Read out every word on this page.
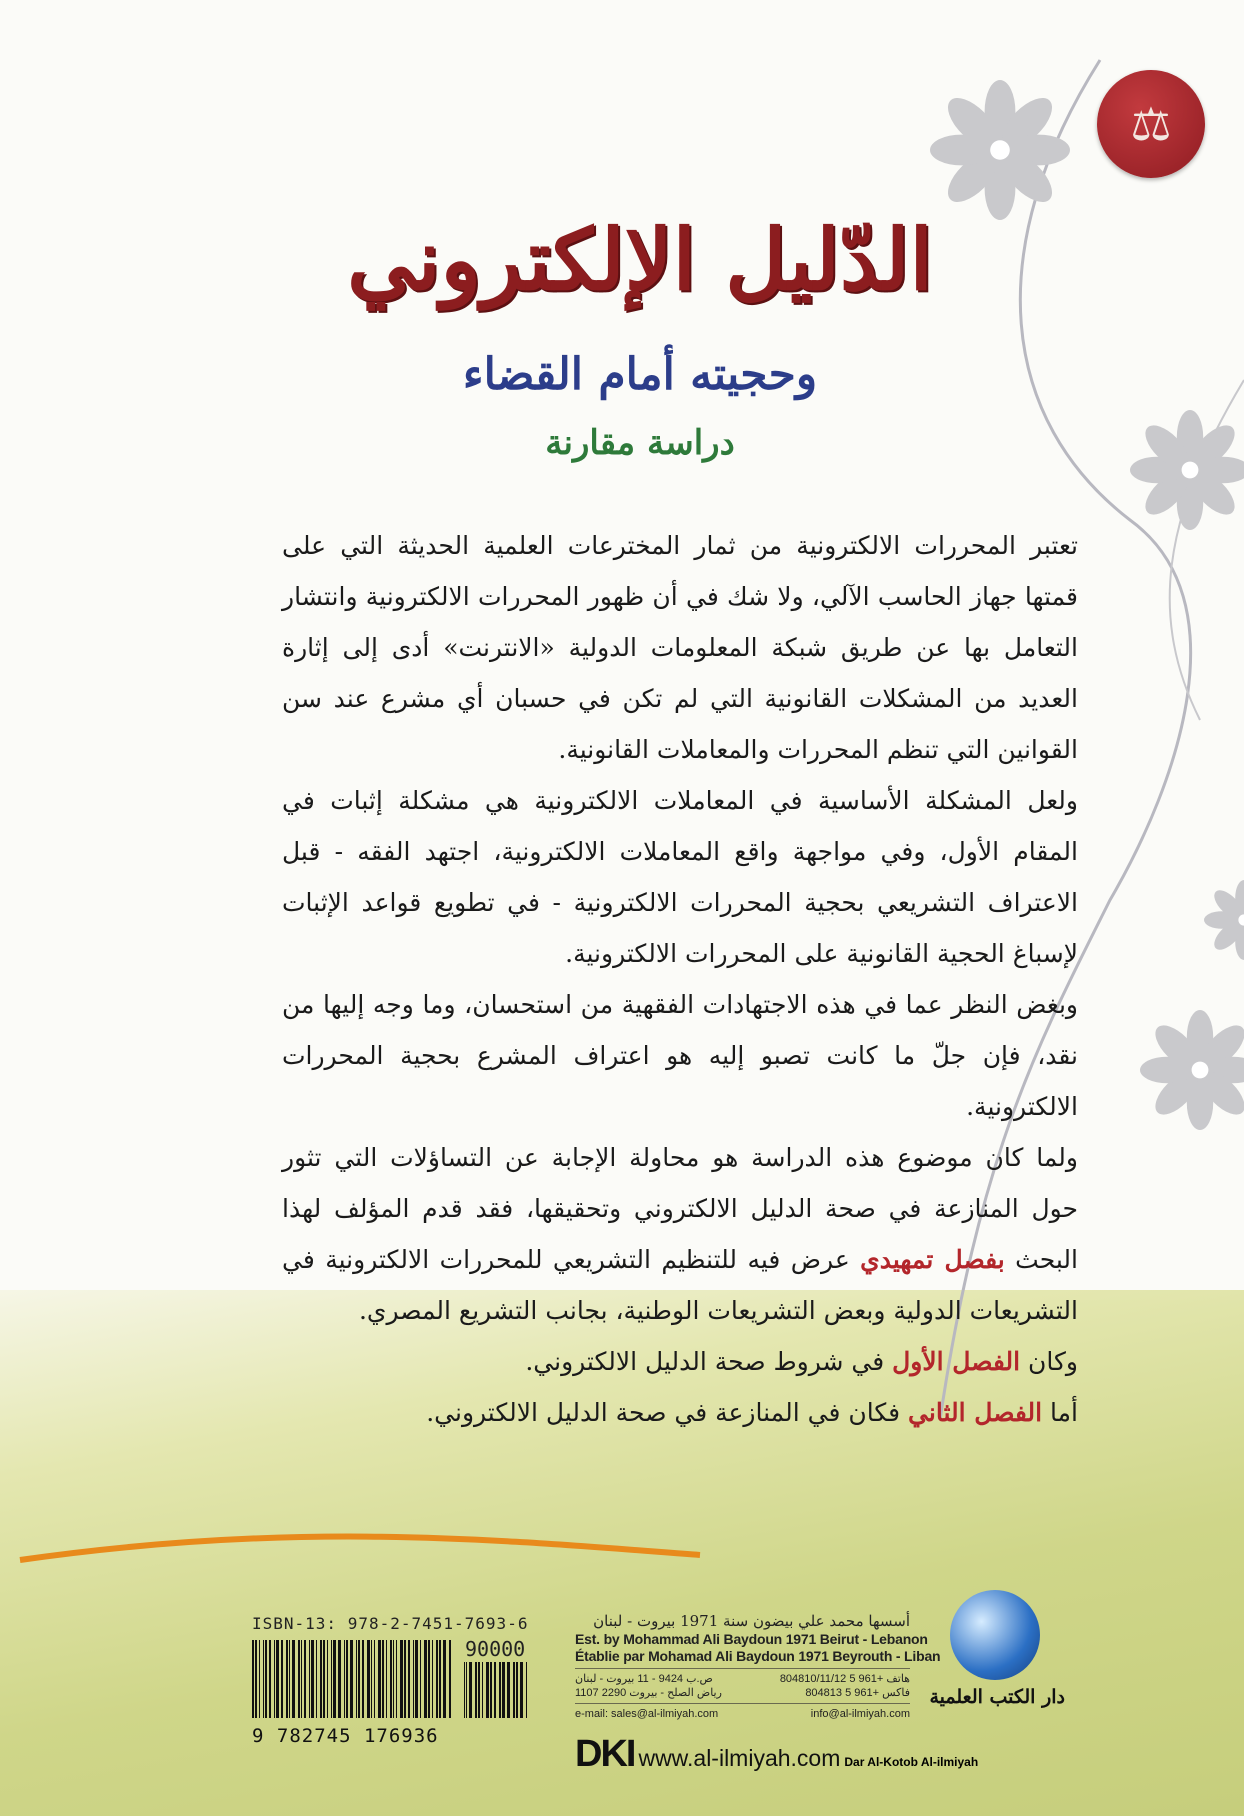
⚖
الدّليل الإلكتروني
وحجيته أمام القضاء
دراسة مقارنة

تعتبر المحررات الالكترونية من ثمار المخترعات العلمية الحديثة التي على قمتها جهاز الحاسب الآلي، ولا شك في أن ظهور المحررات الالكترونية وانتشار التعامل بها عن طريق شبكة المعلومات الدولية «الانترنت» أدى إلى إثارة العديد من المشكلات القانونية التي لم تكن في حسبان أي مشرع عند سن القوانين التي تنظم المحررات والمعاملات القانونية.

ولعل المشكلة الأساسية في المعاملات الالكترونية هي مشكلة إثبات في المقام الأول، وفي مواجهة واقع المعاملات الالكترونية، اجتهد الفقه - قبل الاعتراف التشريعي بحجية المحررات الالكترونية - في تطويع قواعد الإثبات لإسباغ الحجية القانونية على المحررات الالكترونية.

وبغض النظر عما في هذه الاجتهادات الفقهية من استحسان، وما وجه إليها من نقد، فإن جلّ ما كانت تصبو إليه هو اعتراف المشرع بحجية المحررات الالكترونية.

ولما كان موضوع هذه الدراسة هو محاولة الإجابة عن التساؤلات التي تثور حول المنازعة في صحة الدليل الالكتروني وتحقيقها، فقد قدم المؤلف لهذا البحث بفصل تمهيدي عرض فيه للتنظيم التشريعي للمحررات الالكترونية في التشريعات الدولية وبعض التشريعات الوطنية، بجانب التشريع المصري.

وكان الفصل الأول في شروط صحة الدليل الالكتروني.

أما الفصل الثاني فكان في المنازعة في صحة الدليل الالكتروني.

ISBN-13: 978-2-7451-7693-6
90000
9 782745 176936
أسسها محمد علي بيضون سنة 1971 بيروت - لبنان
Est. by Mohammad Ali Baydoun 1971 Beirut - Lebanon
Établie par Mohamad Ali Baydoun 1971 Beyrouth - Liban
ص.ب 9424 - 11 بيروت - لبنان	هاتف +961 5 804810/11/12
رياض الصلح - بيروت 2290 1107	فاكس +961 5 804813
e-mail: sales@al-ilmiyah.com	info@al-ilmiyah.com
DKI www.al-ilmiyah.com Dar Al-Kotob Al-ilmiyah
دار الكتب العلمية
